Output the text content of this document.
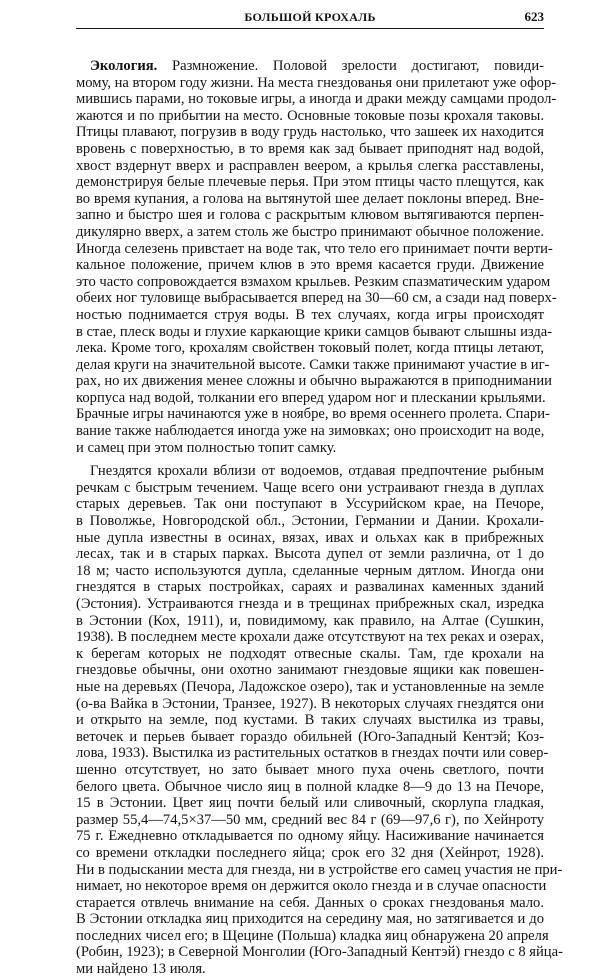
БОЛЬШОЙ КРОХАЛЬ	623
Экология. Размножение. Половой зрелости достигают, повиди-
мому, на втором году жизни. На места гнездованья они прилетают уже офор-
мившись парами, но токовые игры, а иногда и драки между самцами продол-
жаются и по прибытии на место. Основные токовые позы крохаля таковы.
Птицы плавают, погрузив в воду грудь настолько, что зашеек их находится
вровень с поверхностью, в то время как зад бывает приподнят над водой,
хвост вздернут вверх и расправлен веером, а крылья слегка расставлены,
демонстрируя белые плечевые перья. При этом птицы часто плещутся, как
во время купания, а голова на вытянутой шее делает поклоны вперед. Вне-
запно и быстро шея и голова с раскрытым клювом вытягиваются перпен-
дикулярно вверх, а затем столь же быстро принимают обычное положение.
Иногда селезень привстает на воде так, что тело его принимает почти верти-
кальное положение, причем клюв в это время касается груди. Движение
это часто сопровождается взмахом крыльев. Резким спазматическим ударом
обеих ног туловище выбрасывается вперед на 30—60 см, а сзади над поверх-
ностью поднимается струя воды. В тех случаях, когда игры происходят
в стае, плеск воды и глухие каркающие крики самцов бывают слышны изда-
лека. Кроме того, крохалям свойствен токовый полет, когда птицы летают,
делая круги на значительной высоте. Самки также принимают участие в иг-
рах, но их движения менее сложны и обычно выражаются в приподнимании
корпуса над водой, толкании его вперед ударом ног и плескании крыльями.
Брачные игры начинаются уже в ноябре, во время осеннего пролета. Спари-
вание также наблюдается иногда уже на зимовках; оно происходит на воде,
и самец при этом полностью топит самку.
Гнездятся крохали вблизи от водоемов, отдавая предпочтение рыбным
речкам с быстрым течением. Чаще всего они устраивают гнезда в дуплах
старых деревьев. Так они поступают в Уссурийском крае, на Печоре,
в Поволжье, Новгородской обл., Эстонии, Германии и Дании. Крохали-
ные дупла известны в осинах, вязах, ивах и ольхах как в прибрежных
лесах, так и в старых парках. Высота дупел от земли различна, от 1 до
18 м; часто используются дупла, сделанные черным дятлом. Иногда они
гнездятся в старых постройках, сараях и развалинах каменных зданий
(Эстония). Устраиваются гнезда и в трещинах прибрежных скал, изредка
в Эстонии (Кох, 1911), и, повидимому, как правило, на Алтае (Сушкин,
1938). В последнем месте крохали даже отсутствуют на тех реках и озерах,
к берегам которых не подходят отвесные скалы. Там, где крохали на
гнездовье обычны, они охотно занимают гнездовые ящики как повешен-
ные на деревьях (Печора, Ладожское озеро), так и установленные на земле
(о-ва Вайка в Эстонии, Транзее, 1927). В некоторых случаях гнездятся они
и открыто на земле, под кустами. В таких случаях выстилка из травы,
веточек и перьев бывает гораздо обильней (Юго-Западный Кентэй; Коз-
лова, 1933). Выстилка из растительных остатков в гнездах почти или совер-
шенно отсутствует, но зато бывает много пуха очень светлого, почти
белого цвета. Обычное число яиц в полной кладке 8—9 до 13 на Печоре,
15 в Эстонии. Цвет яиц почти белый или сливочный, скорлупа гладкая,
размер 55,4—74,5×37—50 мм, средний вес 84 г (69—97,6 г), по Хейнроту
75 г. Ежедневно откладывается по одному яйцу. Насиживание начинается
со времени откладки последнего яйца; срок его 32 дня (Хейнрот, 1928).
Ни в подыскании места для гнезда, ни в устройстве его самец участия не при-
нимает, но некоторое время он держится около гнезда и в случае опасности
старается отвлечь внимание на себя. Данных о сроках гнездованья мало.
В Эстонии откладка яиц приходится на середину мая, но затягивается и до
последних чисел его; в Щецине (Польша) кладка яиц обнаружена 20 апреля
(Робин, 1923); в Северной Монголии (Юго-Западный Кентэй) гнездо с 8 яйца-
ми найдено 13 июля.
